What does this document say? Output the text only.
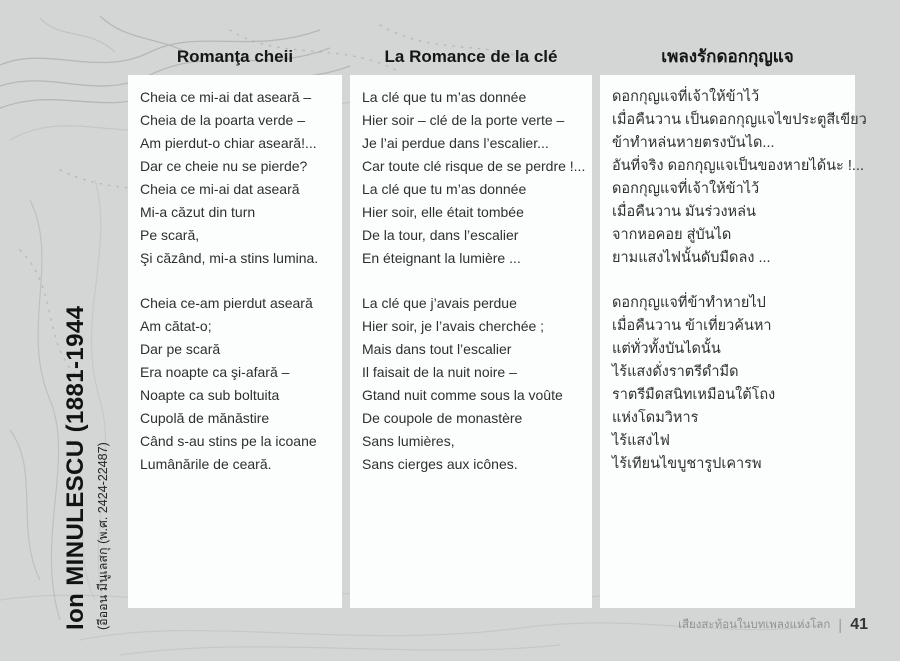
Ion MINULESCU (1881-1944 (อีออน มีนูเลสกุ (พ.ศ. 2424-22487)
Romanţa cheii	La Romance de la clé	เพลงรักดอกกุญแจ
Cheia ce mi-ai dat aseară –
Cheia de la poarta verde –
Am pierdut-o chiar aseară!...
Dar ce cheie nu se pierde?
Cheia ce mi-ai dat aseară
Mi-a căzut din turn
Pe scară,
Şi căzând, mi-a stins lumina.
Cheia ce-am pierdut aseară
Am cătat-o;
Dar pe scară
Era noapte ca şi-afară –
Noapte ca sub boltuita
Cupolă de mănăstire
Când s-au stins pe la icoane
Lumânările de ceară.
La clé que tu m’as donnée
Hier soir – clé de la porte verte –
Je l’ai perdue dans l’escalier...
Car toute clé risque de se perdre !...
La clé que tu m’as donnée
Hier soir, elle était tombée
De la tour, dans l’escalier
En éteignant la lumière ...
La clé que j’avais perdue
Hier soir, je l’avais cherchée ;
Mais dans tout l’escalier
Il faisait de la nuit noire –
Gtand nuit comme sous la voûte
De coupole de monastère
Sans lumières,
Sans cierges aux icônes.
ดอกกุญแจที่เจ้าให้ข้าไว้
เมื่อคืนวาน เป็นดอกกุญแจไขประตูสีเขียว
ข้าทำหล่นหายตรงบันได...
อันที่จริง ดอกกุญแจเป็นของหายได้นะ !...
ดอกกุญแจที่เจ้าให้ข้าไว้
เมื่อคืนวาน มันร่วงหล่น
จากหอคอย สู่บันได
ยามแสงไฟนั้นดับมืดลง ...
ดอกกุญแจที่ข้าทำหายไป
เมื่อคืนวาน ข้าเที่ยวค้นหา
แต่ทั่วทั้งบันไดนั้น
ไร้แสงดั่งราตรีดำมืด
ราตรีมืดสนิทเหมือนใต้โถง
แห่งโดมวิหาร
ไร้แสงไฟ
ไร้เทียนไขบูชารูปเคารพ
เสียงสะท้อนในบทเพลงแห่งโลก | 41
